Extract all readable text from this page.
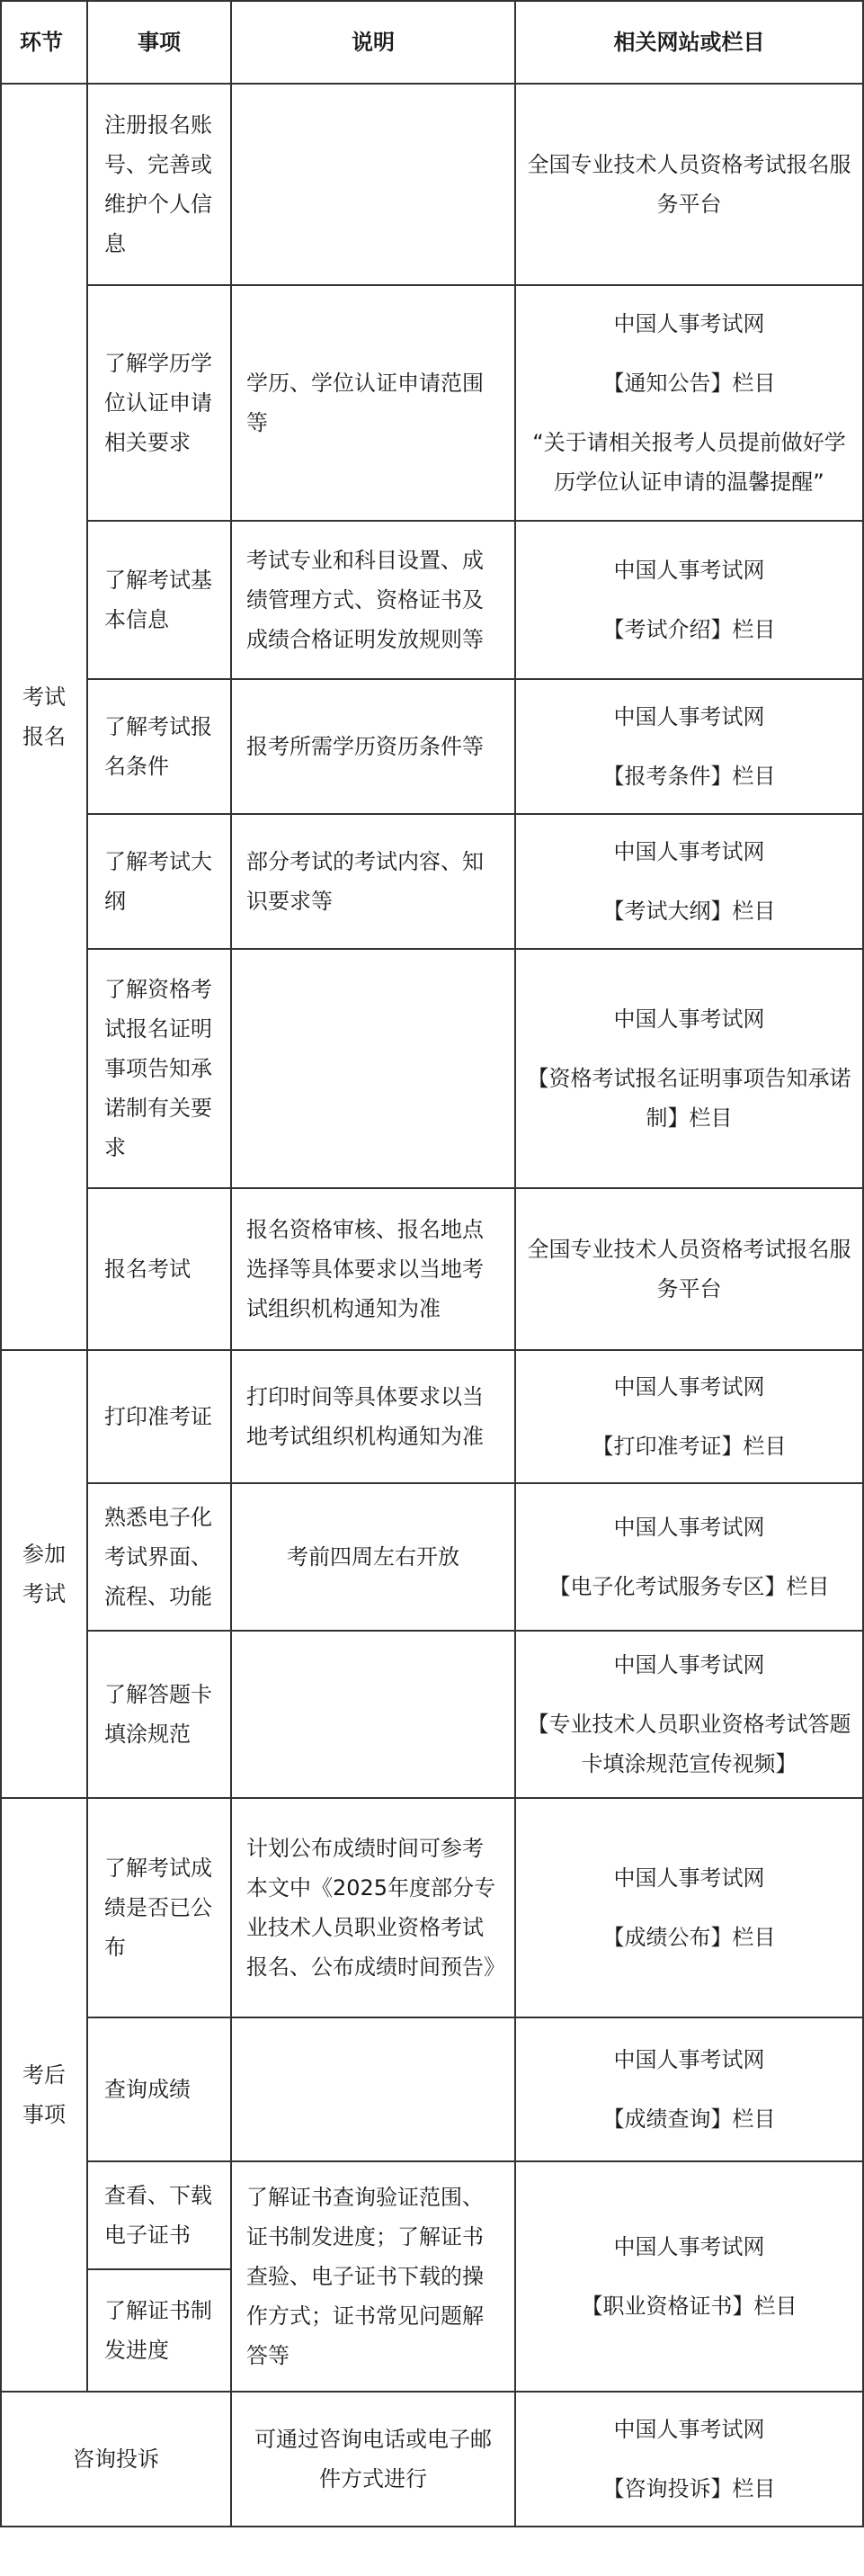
环节	事项	说明	相关网站或栏目
考试报名	注册报名账号、完善或维护个人信息		全国专业技术人员资格考试报名服务平台

	了解学历学位认证申请相关要求	学历、学位认证申请范围等	中国人事考试网
【通知公告】栏目
“关于请相关报考人员提前做好学历学位认证申请的温馨提醒”

	了解考试基本信息	考试专业和科目设置、成绩管理方式、资格证书及成绩合格证明发放规则等	中国人事考试网
【考试介绍】栏目

	了解考试报名条件	报考所需学历资历条件等	中国人事考试网
【报考条件】栏目

	了解考试大纲	部分考试的考试内容、知识要求等	中国人事考试网
【考试大纲】栏目

	了解资格考试报名证明事项告知承诺制有关要求		中国人事考试网
【资格考试报名证明事项告知承诺制】栏目

	报名考试	报名资格审核、报名地点选择等具体要求以当地考试组织机构通知为准	全国专业技术人员资格考试报名服务平台

参加考试	打印准考证	打印时间等具体要求以当地考试组织机构通知为准	中国人事考试网
【打印准考证】栏目

	熟悉电子化考试界面、流程、功能	考前四周左右开放	中国人事考试网
【电子化考试服务专区】栏目

	了解答题卡填涂规范		中国人事考试网
【专业技术人员职业资格考试答题卡填涂规范宣传视频】

考后事项	了解考试成绩是否已公布	计划公布成绩时间可参考本文中《2025年度部分专业技术人员职业资格考试报名、公布成绩时间预告》	中国人事考试网
【成绩公布】栏目

	查询成绩		中国人事考试网
【成绩查询】栏目

	查看、下载电子证书	了解证书查询验证范围、证书制发进度；了解证书查验、电子证书下载的操作方式；证书常见问题解答等	中国人事考试网
【职业资格证书】栏目

	了解证书制发进度		
咨询投诉		可通过咨询电话或电子邮件方式进行	中国人事考试网
【咨询投诉】栏目
